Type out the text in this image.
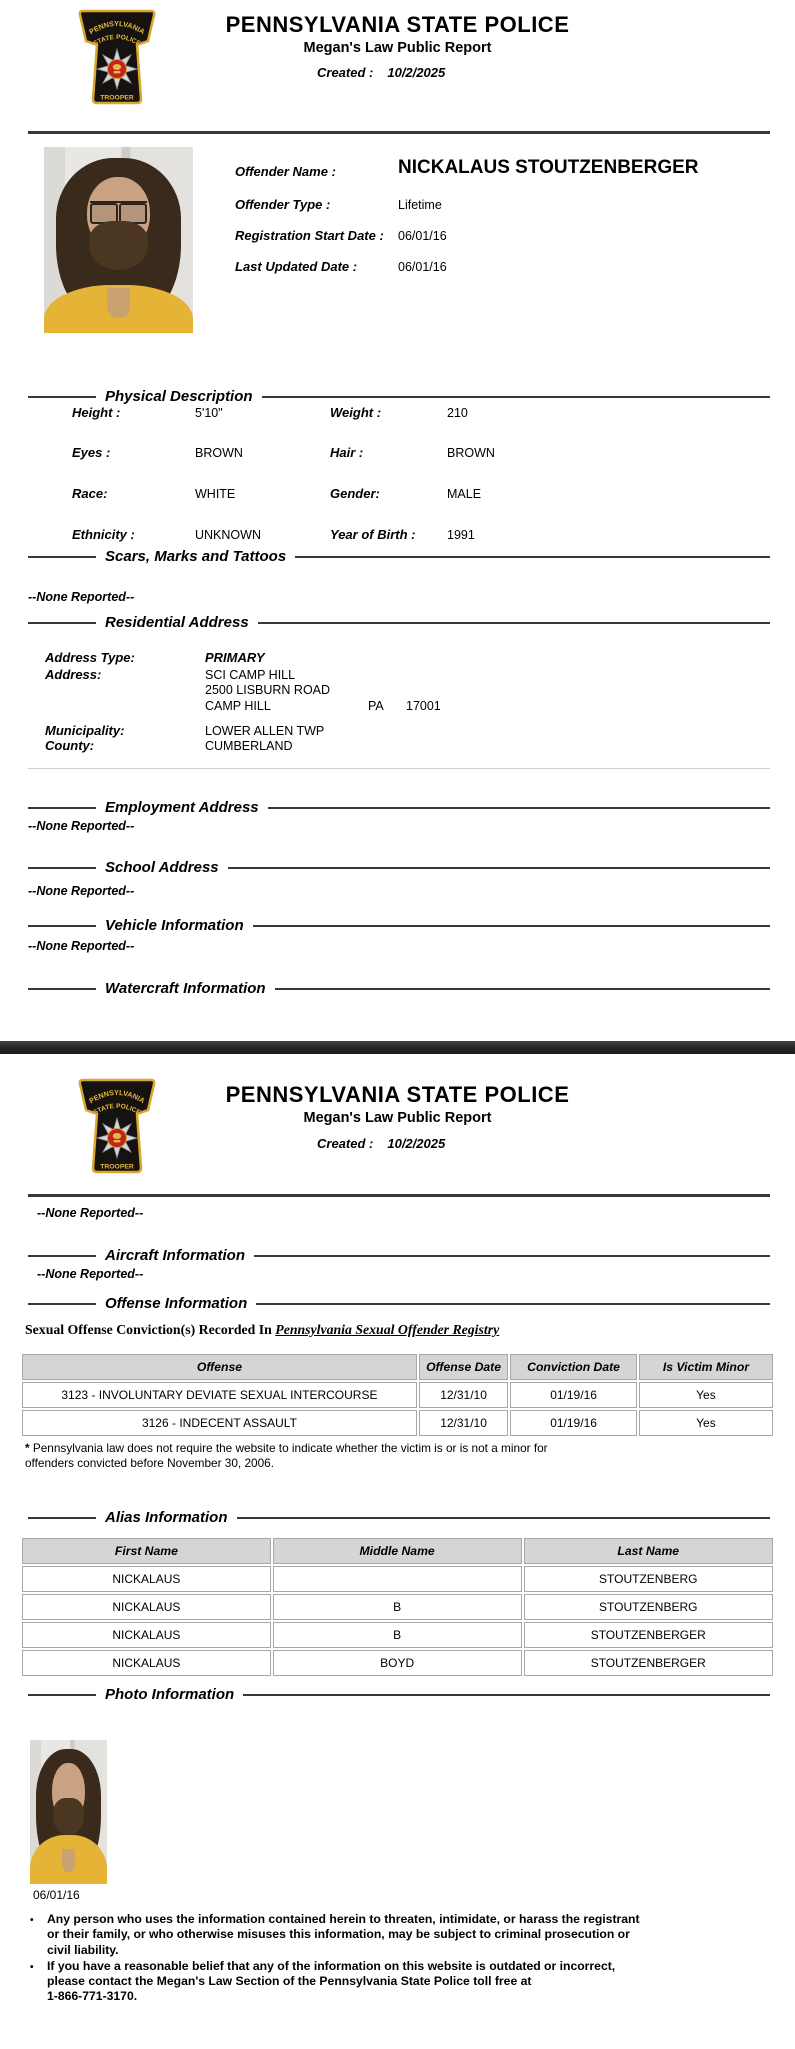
PENNSYLVANIA
STATE POLICE
TROOPER
PENNSYLVANIA STATE POLICE
Megan's Law Public Report
Created : 10/2/2025
Offender Name :	NICKALAUS STOUTZENBERGER
Offender Type :	Lifetime
Registration Start Date : 06/01/16
Last Updated Date :	06/01/16
Physical Description
Height :	5'10"	Weight :	210
Eyes :	BROWN	Hair :	BROWN
Race:	WHITE	Gender:	MALE
Ethnicity :	UNKNOWN	Year of Birth :	1991
Scars, Marks and Tattoos
--None Reported--
Residential Address
Address Type:	PRIMARY
Address:	SCI CAMP HILL
2500 LISBURN ROAD
CAMP HILL	PA 17001
Municipality:	LOWER ALLEN TWP
County:	CUMBERLAND
Employment Address
--None Reported--
School Address
--None Reported--
Vehicle Information
--None Reported--
Watercraft Information
PENNSYLVANIA
STATE POLICE
TROOPER
PENNSYLVANIA STATE POLICE
Megan's Law Public Report
Created : 10/2/2025
--None Reported--
Aircraft Information
--None Reported--
Offense Information
Sexual Offense Conviction(s) Recorded In Pennsylvania Sexual Offender Registry
Offense	Offense Date	Conviction Date	Is Victim Minor
3123 - INVOLUNTARY DEVIATE SEXUAL INTERCOURSE	12/31/10	01/19/16	Yes
3126 - INDECENT ASSAULT	12/31/10	01/19/16	Yes
* Pennsylvania law does not require the website to indicate whether the victim is or is not a minor for
offenders convicted before November 30, 2006.
Alias Information
First Name	Middle Name	Last Name
NICKALAUS		STOUTZENBERG
NICKALAUS	B	STOUTZENBERG
NICKALAUS	B	STOUTZENBERGER
NICKALAUS	BOYD	STOUTZENBERGER
Photo Information
06/01/16
•	Any person who uses the information contained herein to threaten, intimidate, or harass the registrant
or their family, or who otherwise misuses this information, may be subject to criminal prosecution or
civil liability.
•	If you have a reasonable belief that any of the information on this website is outdated or incorrect,
please contact the Megan's Law Section of the Pennsylvania State Police toll free at
1-866-771-3170.
